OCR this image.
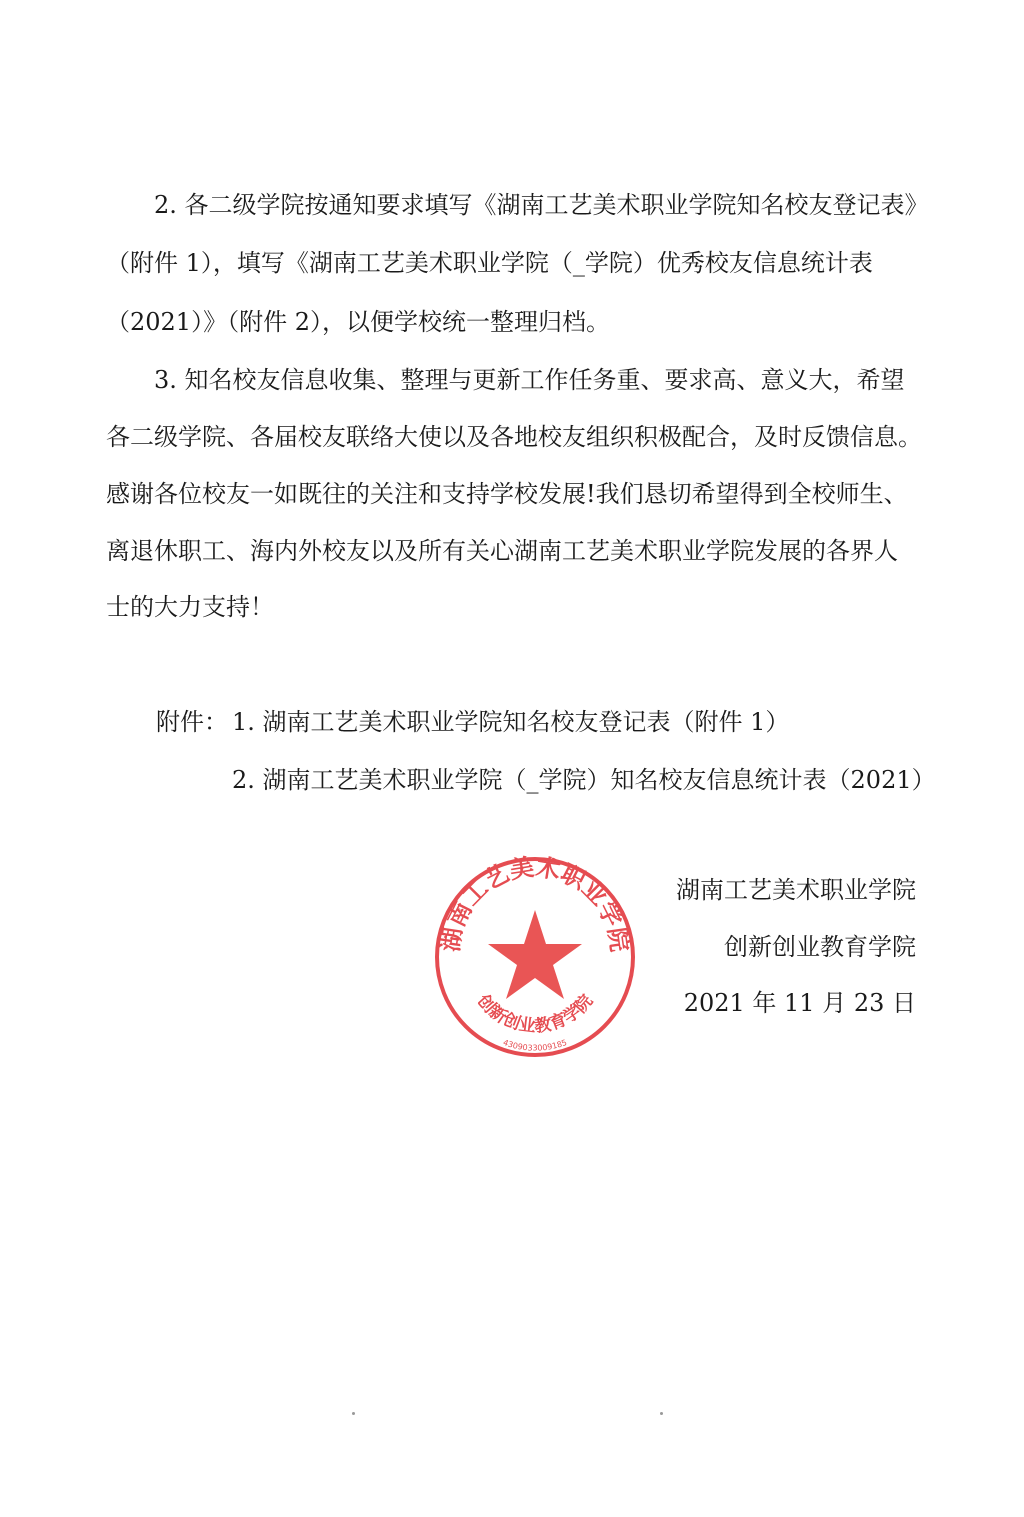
2. 各二级学院按通知要求填写《湖南工艺美术职业学院知名校友登记表》
（附件 1），填写《湖南工艺美术职业学院（_学院）优秀校友信息统计表
（2021）》（附件 2），以便学校统一整理归档。
3. 知名校友信息收集、整理与更新工作任务重、要求高、意义大，希望
各二级学院、各届校友联络大使以及各地校友组织积极配合，及时反馈信息。
感谢各位校友一如既往的关注和支持学校发展!我们恳切希望得到全校师生、
离退休职工、海内外校友以及所有关心湖南工艺美术职业学院发展的各界人
士的大力支持！
附件： 1. 湖南工艺美术职业学院知名校友登记表（附件 1）
2. 湖南工艺美术职业学院（_学院）知名校友信息统计表（2021）
湖南工艺美术职业学院
创新创业教育学院
4309033009185
湖南工艺美术职业学院
创新创业教育学院
2021 年 11 月 23 日
